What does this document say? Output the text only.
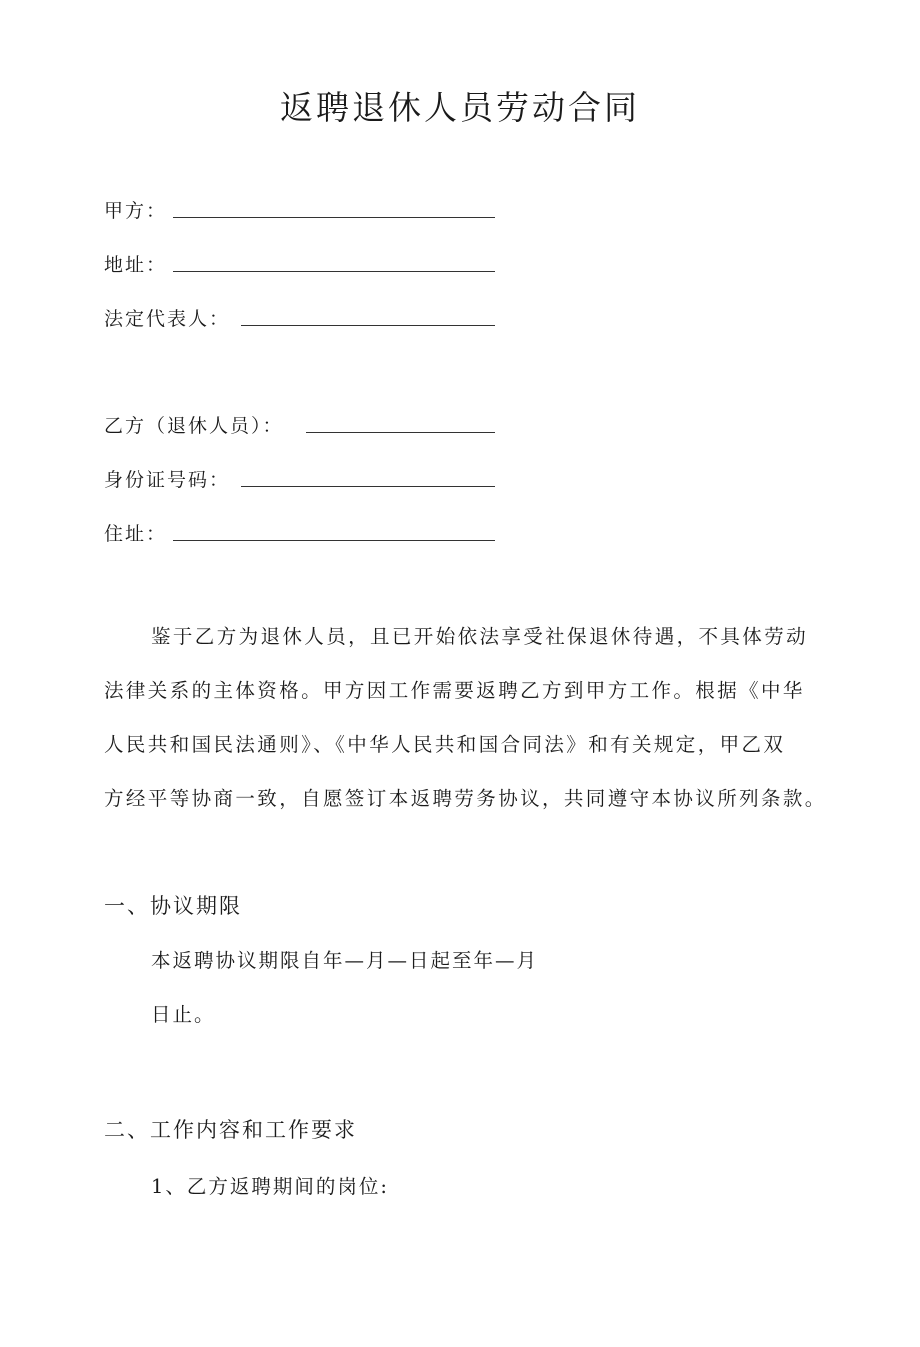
返聘退休人员劳动合同
甲方：
地址：
法定代表人：
乙方（退休人员）：
身份证号码：
住址：
鉴于乙方为退休人员，且已开始依法享受社保退休待遇，不具体劳动
法律关系的主体资格。甲方因工作需要返聘乙方到甲方工作。根据《中华
人民共和国民法通则》、《中华人民共和国合同法》和有关规定，甲乙双
方经平等协商一致，自愿签订本返聘劳务协议，共同遵守本协议所列条款。
一、协议期限
本返聘协议期限自年—月—日起至年—月
日止。
二、工作内容和工作要求
1、乙方返聘期间的岗位:
